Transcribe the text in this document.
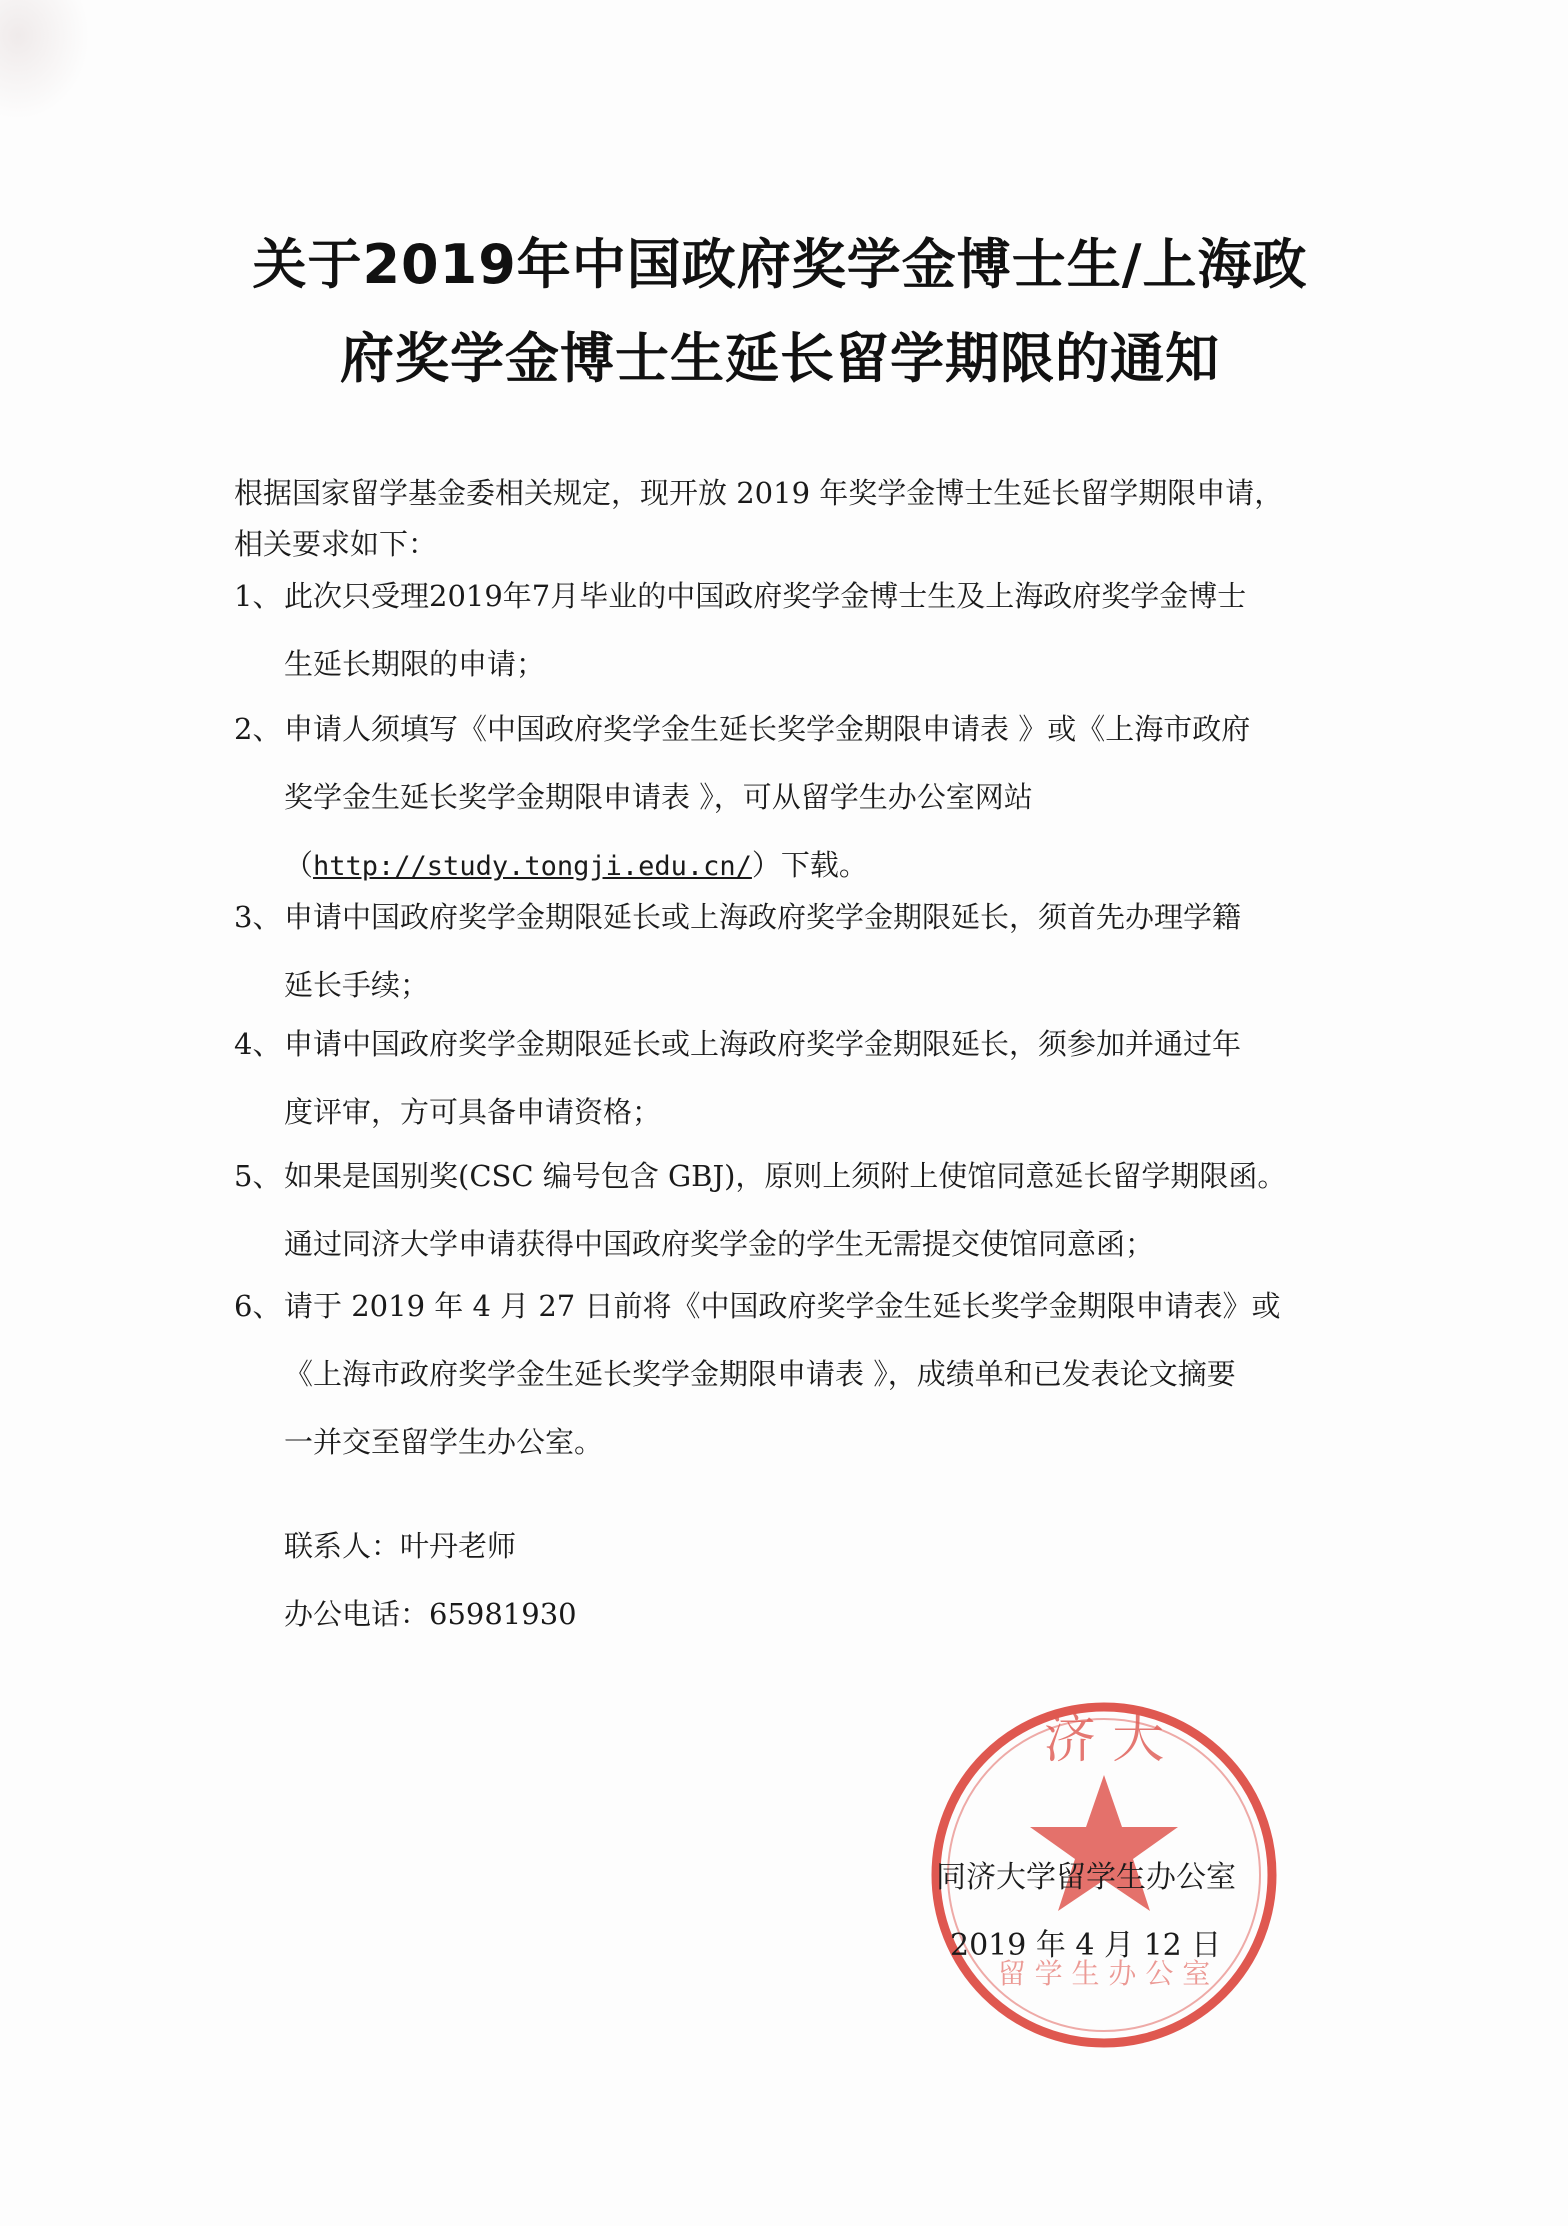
关于2019年中国政府奖学金博士生/上海政
府奖学金博士生延长留学期限的通知
根据国家留学基金委相关规定，现开放 2019 年奖学金博士生延长留学期限申请，
相关要求如下：
1、 此次只受理2019年7月毕业的中国政府奖学金博士生及上海政府奖学金博士
生延长期限的申请；
2、 申请人须填写《中国政府奖学金生延长奖学金期限申请表 》或《上海市政府
奖学金生延长奖学金期限申请表 》，可从留学生办公室网站
（http://study.tongji.edu.cn/）下载。
3、 申请中国政府奖学金期限延长或上海政府奖学金期限延长，须首先办理学籍
延长手续；
4、 申请中国政府奖学金期限延长或上海政府奖学金期限延长，须参加并通过年
度评审，方可具备申请资格；
5、 如果是国别奖(CSC 编号包含 GBJ)，原则上须附上使馆同意延长留学期限函。
通过同济大学申请获得中国政府奖学金的学生无需提交使馆同意函；
6、 请于 2019 年 4 月 27 日前将《中国政府奖学金生延长奖学金期限申请表》或
《上海市政府奖学金生延长奖学金期限申请表 》，成绩单和已发表论文摘要
一并交至留学生办公室。
联系人：叶丹老师
办公电话：65981930
济 大
留 学 生 办 公 室
同济大学留学生办公室
2019 年 4 月 12 日
